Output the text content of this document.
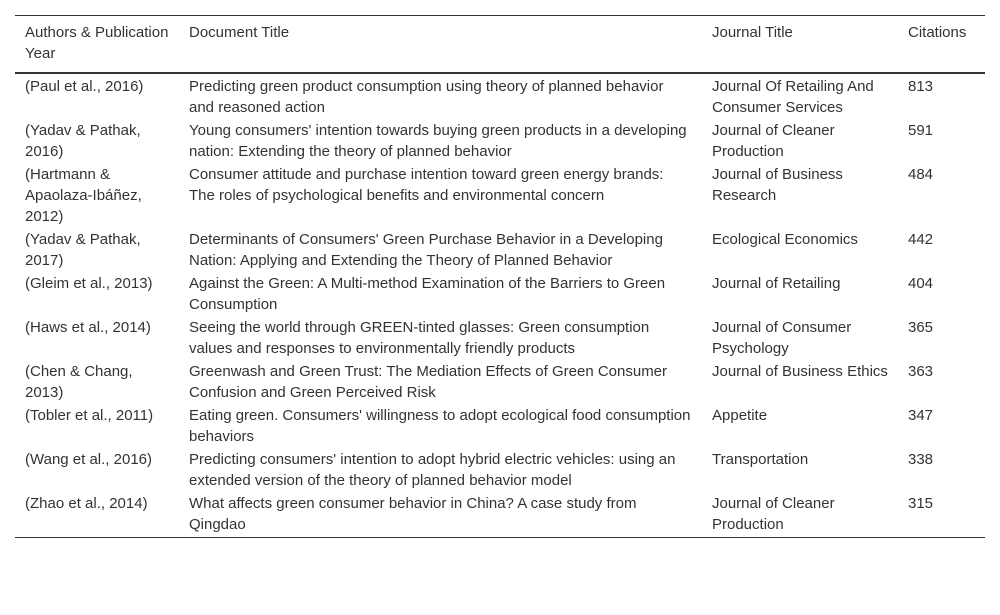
Authors & Publication Year	Document Title	Journal Title	Citations
(Paul et al., 2016)	Predicting green product consumption using theory of planned behavior and reasoned action	Journal Of Retailing And Consumer Services	813
(Yadav & Pathak, 2016)	Young consumers' intention towards buying green products in a developing nation: Extending the theory of planned behavior	Journal of Cleaner Production	591
(Hartmann & Apaolaza-Ibáñez, 2012)	Consumer attitude and purchase intention toward green energy brands: The roles of psychological benefits and environmental concern	Journal of Business Research	484
(Yadav & Pathak, 2017)	Determinants of Consumers' Green Purchase Behavior in a Developing Nation: Applying and Extending the Theory of Planned Behavior	Ecological Economics	442
(Gleim et al., 2013)	Against the Green: A Multi-method Examination of the Barriers to Green Consumption	Journal of Retailing	404
(Haws et al., 2014)	Seeing the world through GREEN-tinted glasses: Green consumption values and responses to environmentally friendly products	Journal of Consumer Psychology	365
(Chen & Chang, 2013)	Greenwash and Green Trust: The Mediation Effects of Green Consumer Confusion and Green Perceived Risk	Journal of Business Ethics	363
(Tobler et al., 2011)	Eating green. Consumers' willingness to adopt ecological food consumption behaviors	Appetite	347
(Wang et al., 2016)	Predicting consumers' intention to adopt hybrid electric vehicles: using an extended version of the theory of planned behavior model	Transportation	338
(Zhao et al., 2014)	What affects green consumer behavior in China? A case study from Qingdao	Journal of Cleaner Production	315
